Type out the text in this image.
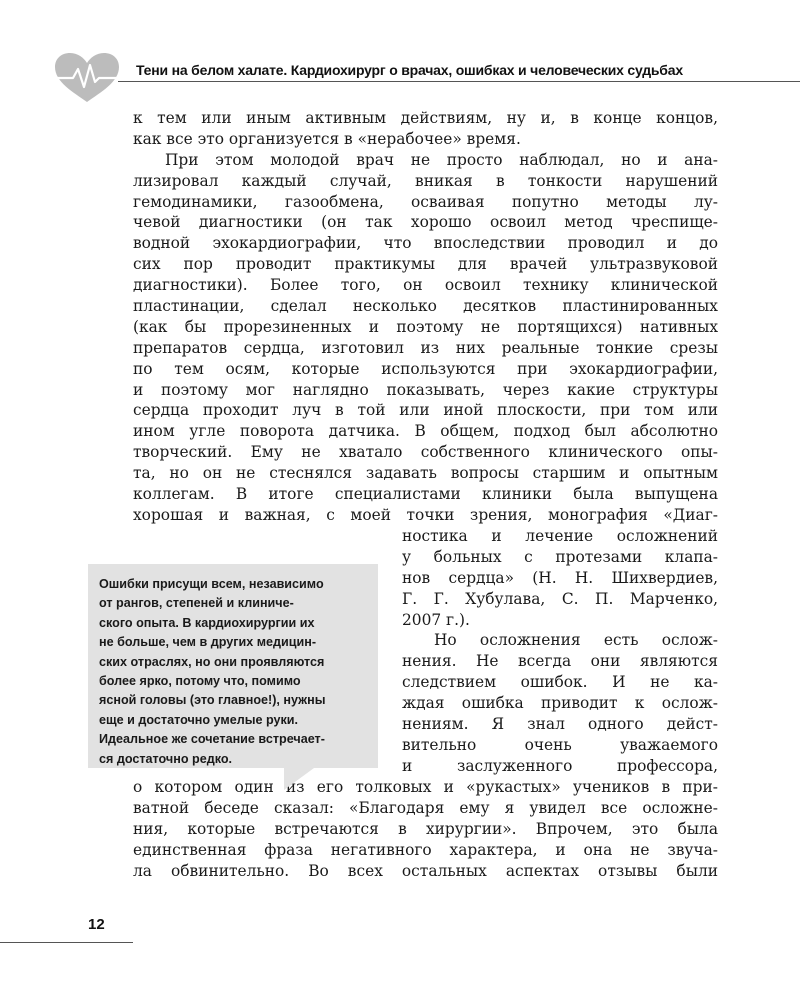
Тени на белом халате. Кардиохирург о врачах, ошибках и человеческих судьбах
к тем или иным активным действиям, ну и, в конце концов,
как все это организуется в «нерабочее» время.
При этом молодой врач не просто наблюдал, но и ана-
лизировал каждый случай, вникая в тонкости нарушений
гемодинамики, газообмена, осваивая попутно методы лу-
чевой диагностики (он так хорошо освоил метод чреспище-
водной эхокардиографии, что впоследствии проводил и до
сих пор проводит практикумы для врачей ультразвуковой
диагностики). Более того, он освоил технику клинической
пластинации, сделал несколько десятков пластинированных
(как бы прорезиненных и поэтому не портящихся) нативных
препаратов сердца, изготовил из них реальные тонкие срезы
по тем осям, которые используются при эхокардиографии,
и поэтому мог наглядно показывать, через какие структуры
сердца проходит луч в той или иной плоскости, при том или
ином угле поворота датчика. В общем, подход был абсолютно
творческий. Ему не хватало собственного клинического опы-
та, но он не стеснялся задавать вопросы старшим и опытным
коллегам. В итоге специалистами клиники была выпущена
хорошая и важная, с моей точки зрения, монография «Диаг-
ностика и лечение осложнений
у больных с протезами клапа-
нов сердца» (Н. Н. Шихвердиев,
Г. Г. Хубулава, С. П. Марченко,
2007 г.).
Но осложнения есть ослож-
нения. Не всегда они являются
следствием ошибок. И не ка-
ждая ошибка приводит к ослож-
нениям. Я знал одного дейст-
вительно очень уважаемого
и заслуженного профессора,
о котором один из его толковых и «рукастых» учеников в при-
ватной беседе сказал: «Благодаря ему я увидел все осложне-
ния, которые встречаются в хирургии». Впрочем, это была
единственная фраза негативного характера, и она не звуча-
ла обвинительно. Во всех остальных аспектах отзывы были
Ошибки присущи всем, независимо
от рангов, степеней и клиниче-
ского опыта. В кардиохирургии их
не больше, чем в других медицин-
ских отраслях, но они проявляются
более ярко, потому что, помимо
ясной головы (это главное!), нужны
еще и достаточно умелые руки.
Идеальное же сочетание встречает-
ся достаточно редко.
12
